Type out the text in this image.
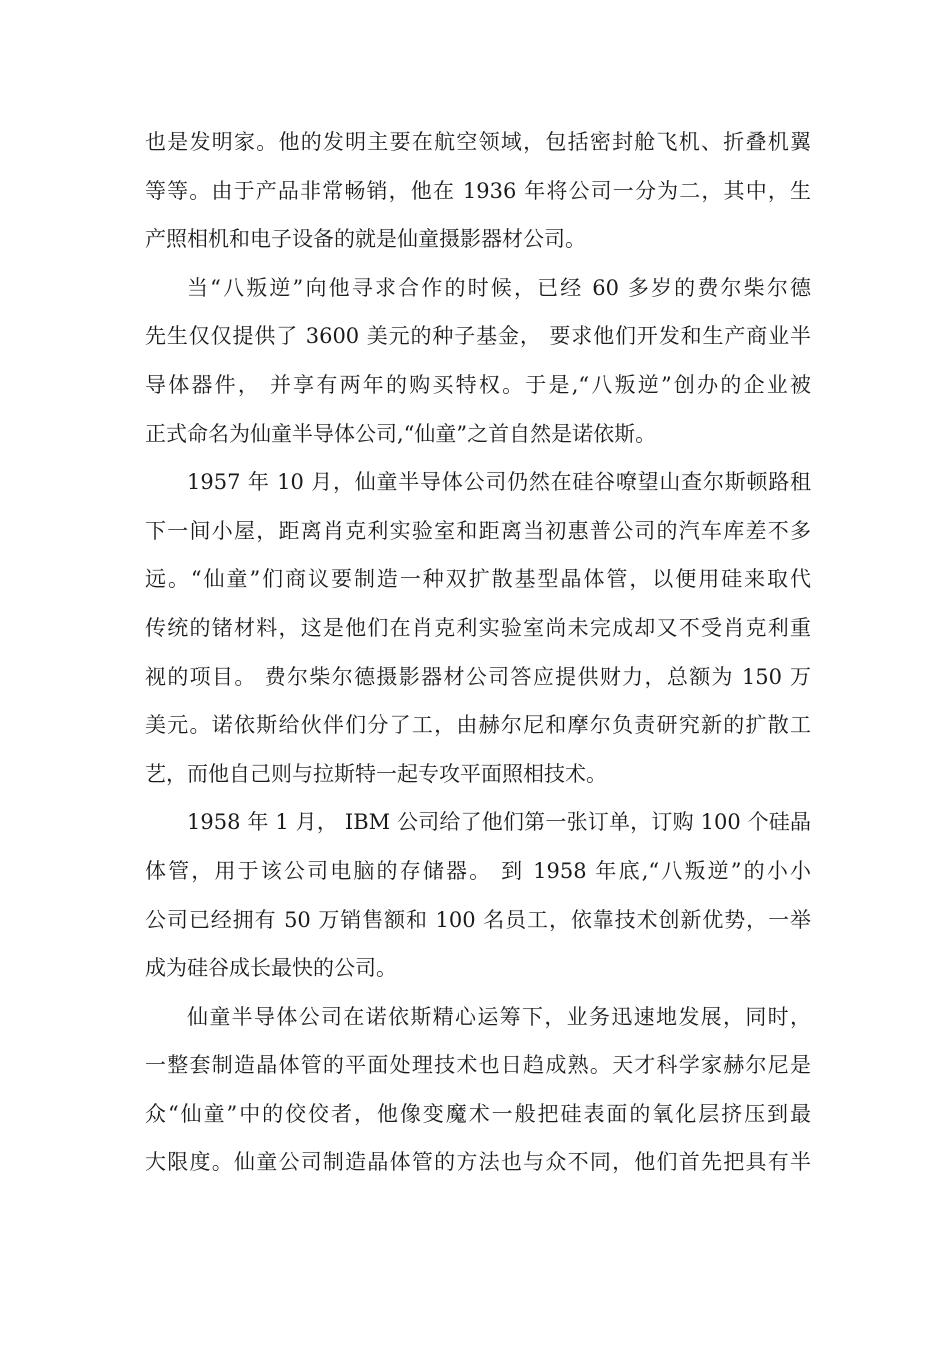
也是发明家。他的发明主要在航空领域，包括密封舱飞机、折叠机翼
等等。由于产品非常畅销，他在 1936 年将公司一分为二，其中，生
产照相机和电子设备的就是仙童摄影器材公司。
当“八叛逆”向他寻求合作的时候，已经 60 多岁的费尔柴尔德
先生仅仅提供了 3600 美元的种子基金， 要求他们开发和生产商业半
导体器件， 并享有两年的购买特权。于是,“八叛逆”创办的企业被
正式命名为仙童半导体公司,“仙童”之首自然是诺依斯。
1957 年 10 月，仙童半导体公司仍然在硅谷嘹望山查尔斯顿路租
下一间小屋，距离肖克利实验室和距离当初惠普公司的汽车库差不多
远。“仙童”们商议要制造一种双扩散基型晶体管，以便用硅来取代
传统的锗材料，这是他们在肖克利实验室尚未完成却又不受肖克利重
视的项目。 费尔柴尔德摄影器材公司答应提供财力，总额为 150 万
美元。诺依斯给伙伴们分了工，由赫尔尼和摩尔负责研究新的扩散工
艺，而他自己则与拉斯特一起专攻平面照相技术。
1958 年 1 月， IBM 公司给了他们第一张订单，订购 100 个硅晶
体管，用于该公司电脑的存储器。 到 1958 年底,“八叛逆”的小小
公司已经拥有 50 万销售额和 100 名员工，依靠技术创新优势，一举
成为硅谷成长最快的公司。
仙童半导体公司在诺依斯精心运筹下，业务迅速地发展，同时，
一整套制造晶体管的平面处理技术也日趋成熟。天才科学家赫尔尼是
众“仙童”中的佼佼者，他像变魔术一般把硅表面的氧化层挤压到最
大限度。仙童公司制造晶体管的方法也与众不同，他们首先把具有半
